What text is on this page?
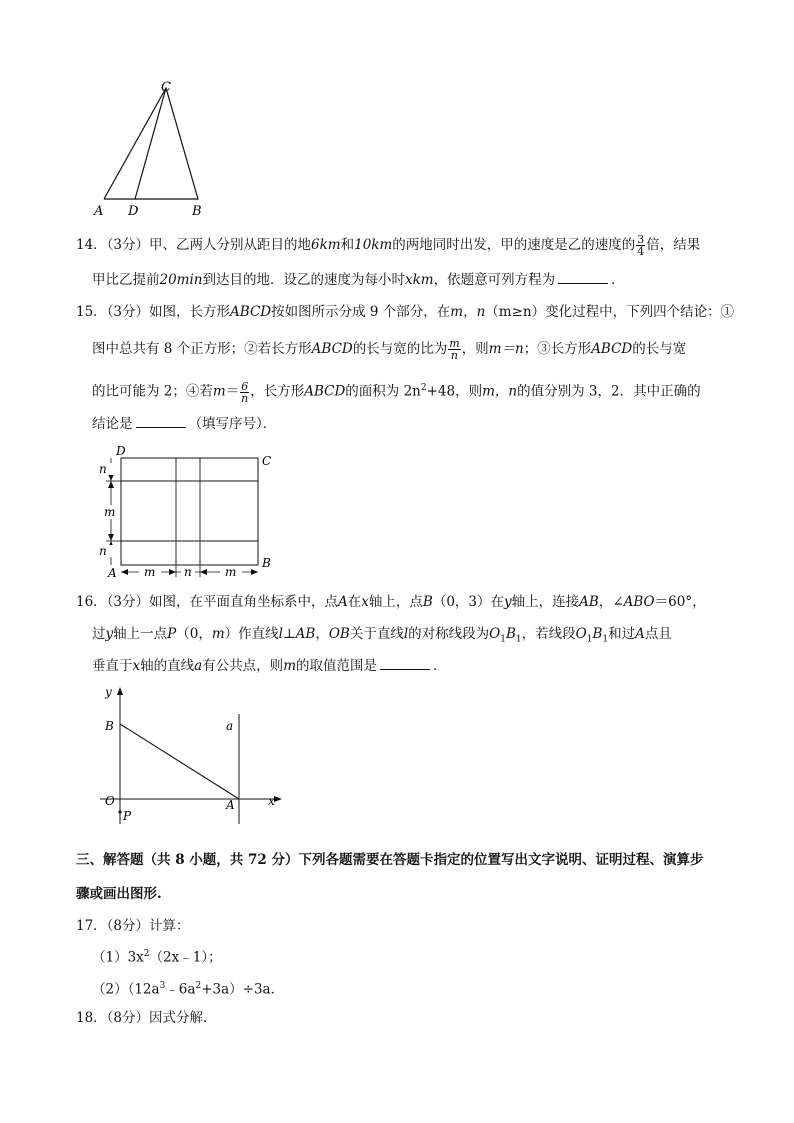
C
A D	B
14．（3分）甲、乙两人分别从距目的地6km和10km的两地同时出发，甲的速度是乙的速度的 $\frac{3}{4}$ 倍，结果
甲比乙提前20min到达目的地．设乙的速度为每小时xkm，依题意可列方程为	．
15．（3分）如图，长方形ABCD按如图所示分成 9 个部分，在m，n（m≥n）变化过程中，下列四个结论：①
图中总共有 8 个正方形；②若长方形ABCD的长与宽的比为 $\frac{m}{n}$ ，则m＝n；③长方形ABCD的长与宽
的比可能为 2；④若$m= \frac{6}{n}$ ，长方形ABCD的面积为 $2n^2+48$，则m，n的值分别为 3，2．其中正确的
结论是	（填写序号）．
D
C
A
B
n
m
n
m n	m
16．（3分）如图，在平面直角坐标系中，点A在x轴上，点B（0，3）在y轴上，连接AB，∠ABO＝60°，
过y轴上一点P（0，m）作直线l⊥AB，OB关于直线l的对称线段为$O_1B_1$，若线段$O_1B_1$和过A点且
垂直于x轴的直线a有公共点，则m的取值范围是	．
y
x
B	a
O	A
P
三、解答题（共 8 小题，共 72 分）下列各题需要在答题卡指定的位置写出文字说明、证明过程、演算步
骤或画出图形.
17．（8分）计算：
$(1)3x^2(2x﹣1)$；
$(2)(12a^3﹣6a^2+3a)\div 3a$．
18．（8分）因式分解．
